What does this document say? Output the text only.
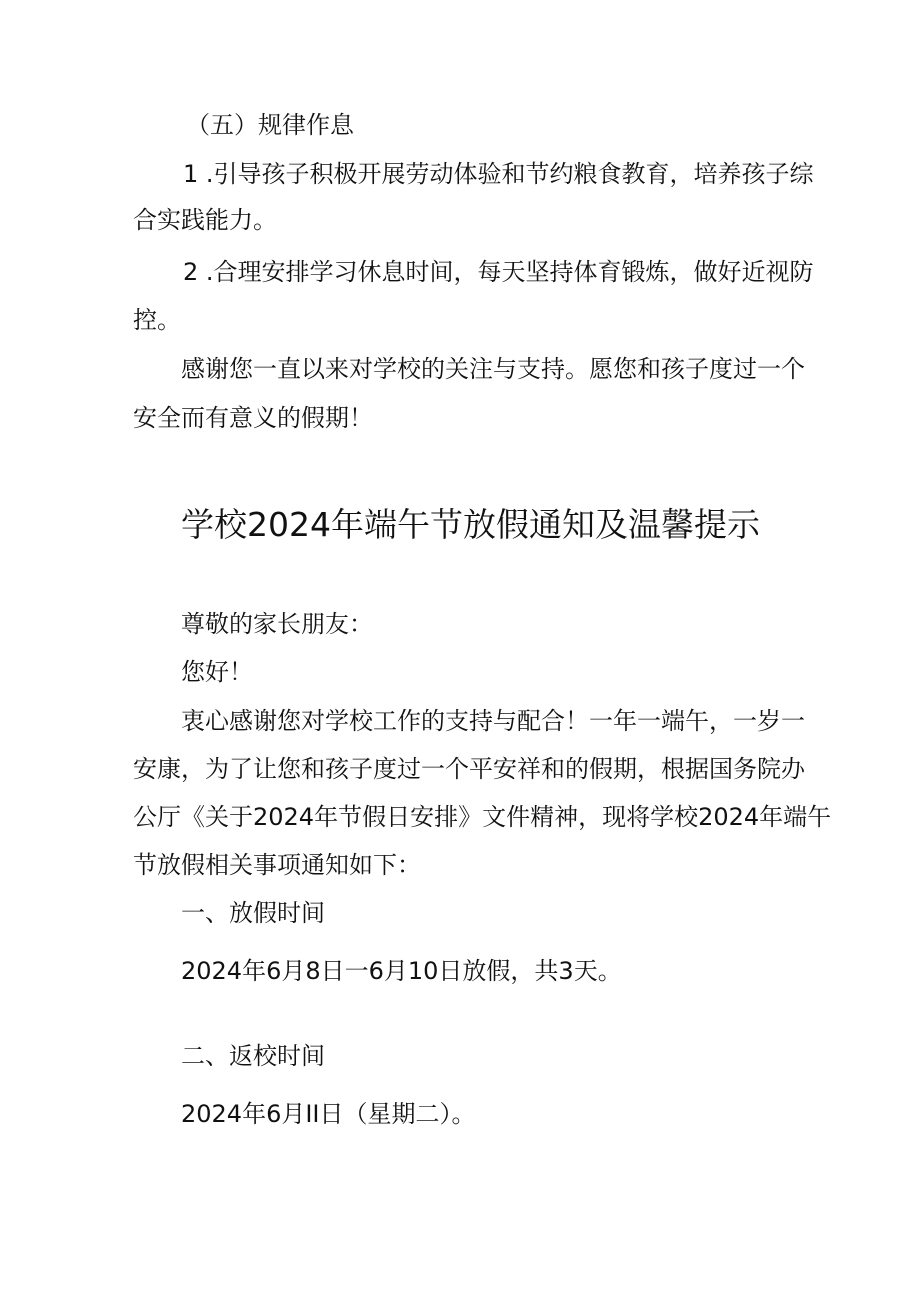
（五）规律作息
1 .引导孩子积极开展劳动体验和节约粮食教育，培养孩子综
合实践能力。
2 .合理安排学习休息时间，每天坚持体育锻炼，做好近视防
控。
感谢您一直以来对学校的关注与支持。愿您和孩子度过一个
安全而有意义的假期！
学校2024年端午节放假通知及温馨提示
尊敬的家长朋友：
您好！
衷心感谢您对学校工作的支持与配合！一年一端午，一岁一
安康，为了让您和孩子度过一个平安祥和的假期，根据国务院办
公厅《关于2024年节假日安排》文件精神，现将学校2024年端午
节放假相关事项通知如下：
一、放假时间
2024年6月8日一6月10日放假，共3天。
二、返校时间
2024年6月II日（星期二）。
